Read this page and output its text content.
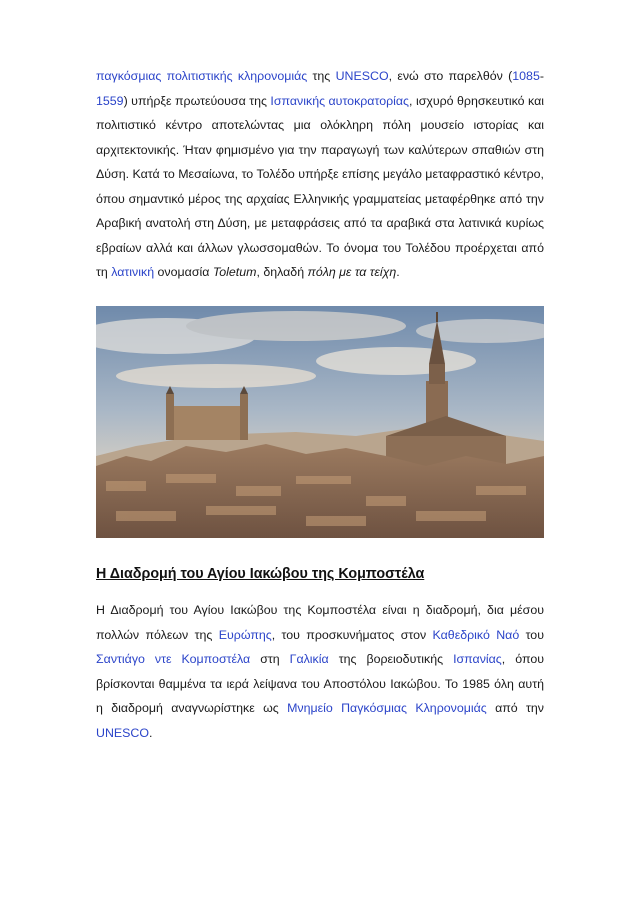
παγκόσμιας πολιτιστικής κληρονομιάς της UNESCO, ενώ στο παρελθόν (1085-1559) υπήρξε πρωτεύουσα της Ισπανικής αυτοκρατορίας, ισχυρό θρησκευτικό και πολιτιστικό κέντρο αποτελώντας μια ολόκληρη πόλη μουσείο ιστορίας και αρχιτεκτονικής. Ήταν φημισμένο για την παραγωγή των καλύτερων σπαθιών στη Δύση. Κατά το Μεσαίωνα, το Τολέδο υπήρξε επίσης μεγάλο μεταφραστικό κέντρο, όπου σημαντικό μέρος της αρχαίας Ελληνικής γραμματείας μεταφέρθηκε από την Αραβική ανατολή στη Δύση, με μεταφράσεις από τα αραβικά στα λατινικά κυρίως εβραίων αλλά και άλλων γλωσσομαθών. Το όνομα του Τολέδου προέρχεται από τη λατινική ονομασία Toletum, δηλαδή πόλη με τα τείχη.

Η Διαδρομή του Αγίου Ιακώβου της Κομποστέλα

Η Διαδρομή του Αγίου Ιακώβου της Κομποστέλα είναι η διαδρομή, δια μέσου πολλών πόλεων της Ευρώπης, του προσκυνήματος στον Καθεδρικό Ναό του Σαντιάγο ντε Κομποστέλα στη Γαλικία της βορειοδυτικής Ισπανίας, όπου βρίσκονται θαμμένα τα ιερά λείψανα του Αποστόλου Ιακώβου. Το 1985 όλη αυτή η διαδρομή αναγνωρίστηκε ως Μνημείο Παγκόσμιας Κληρονομιάς από την UNESCO.
